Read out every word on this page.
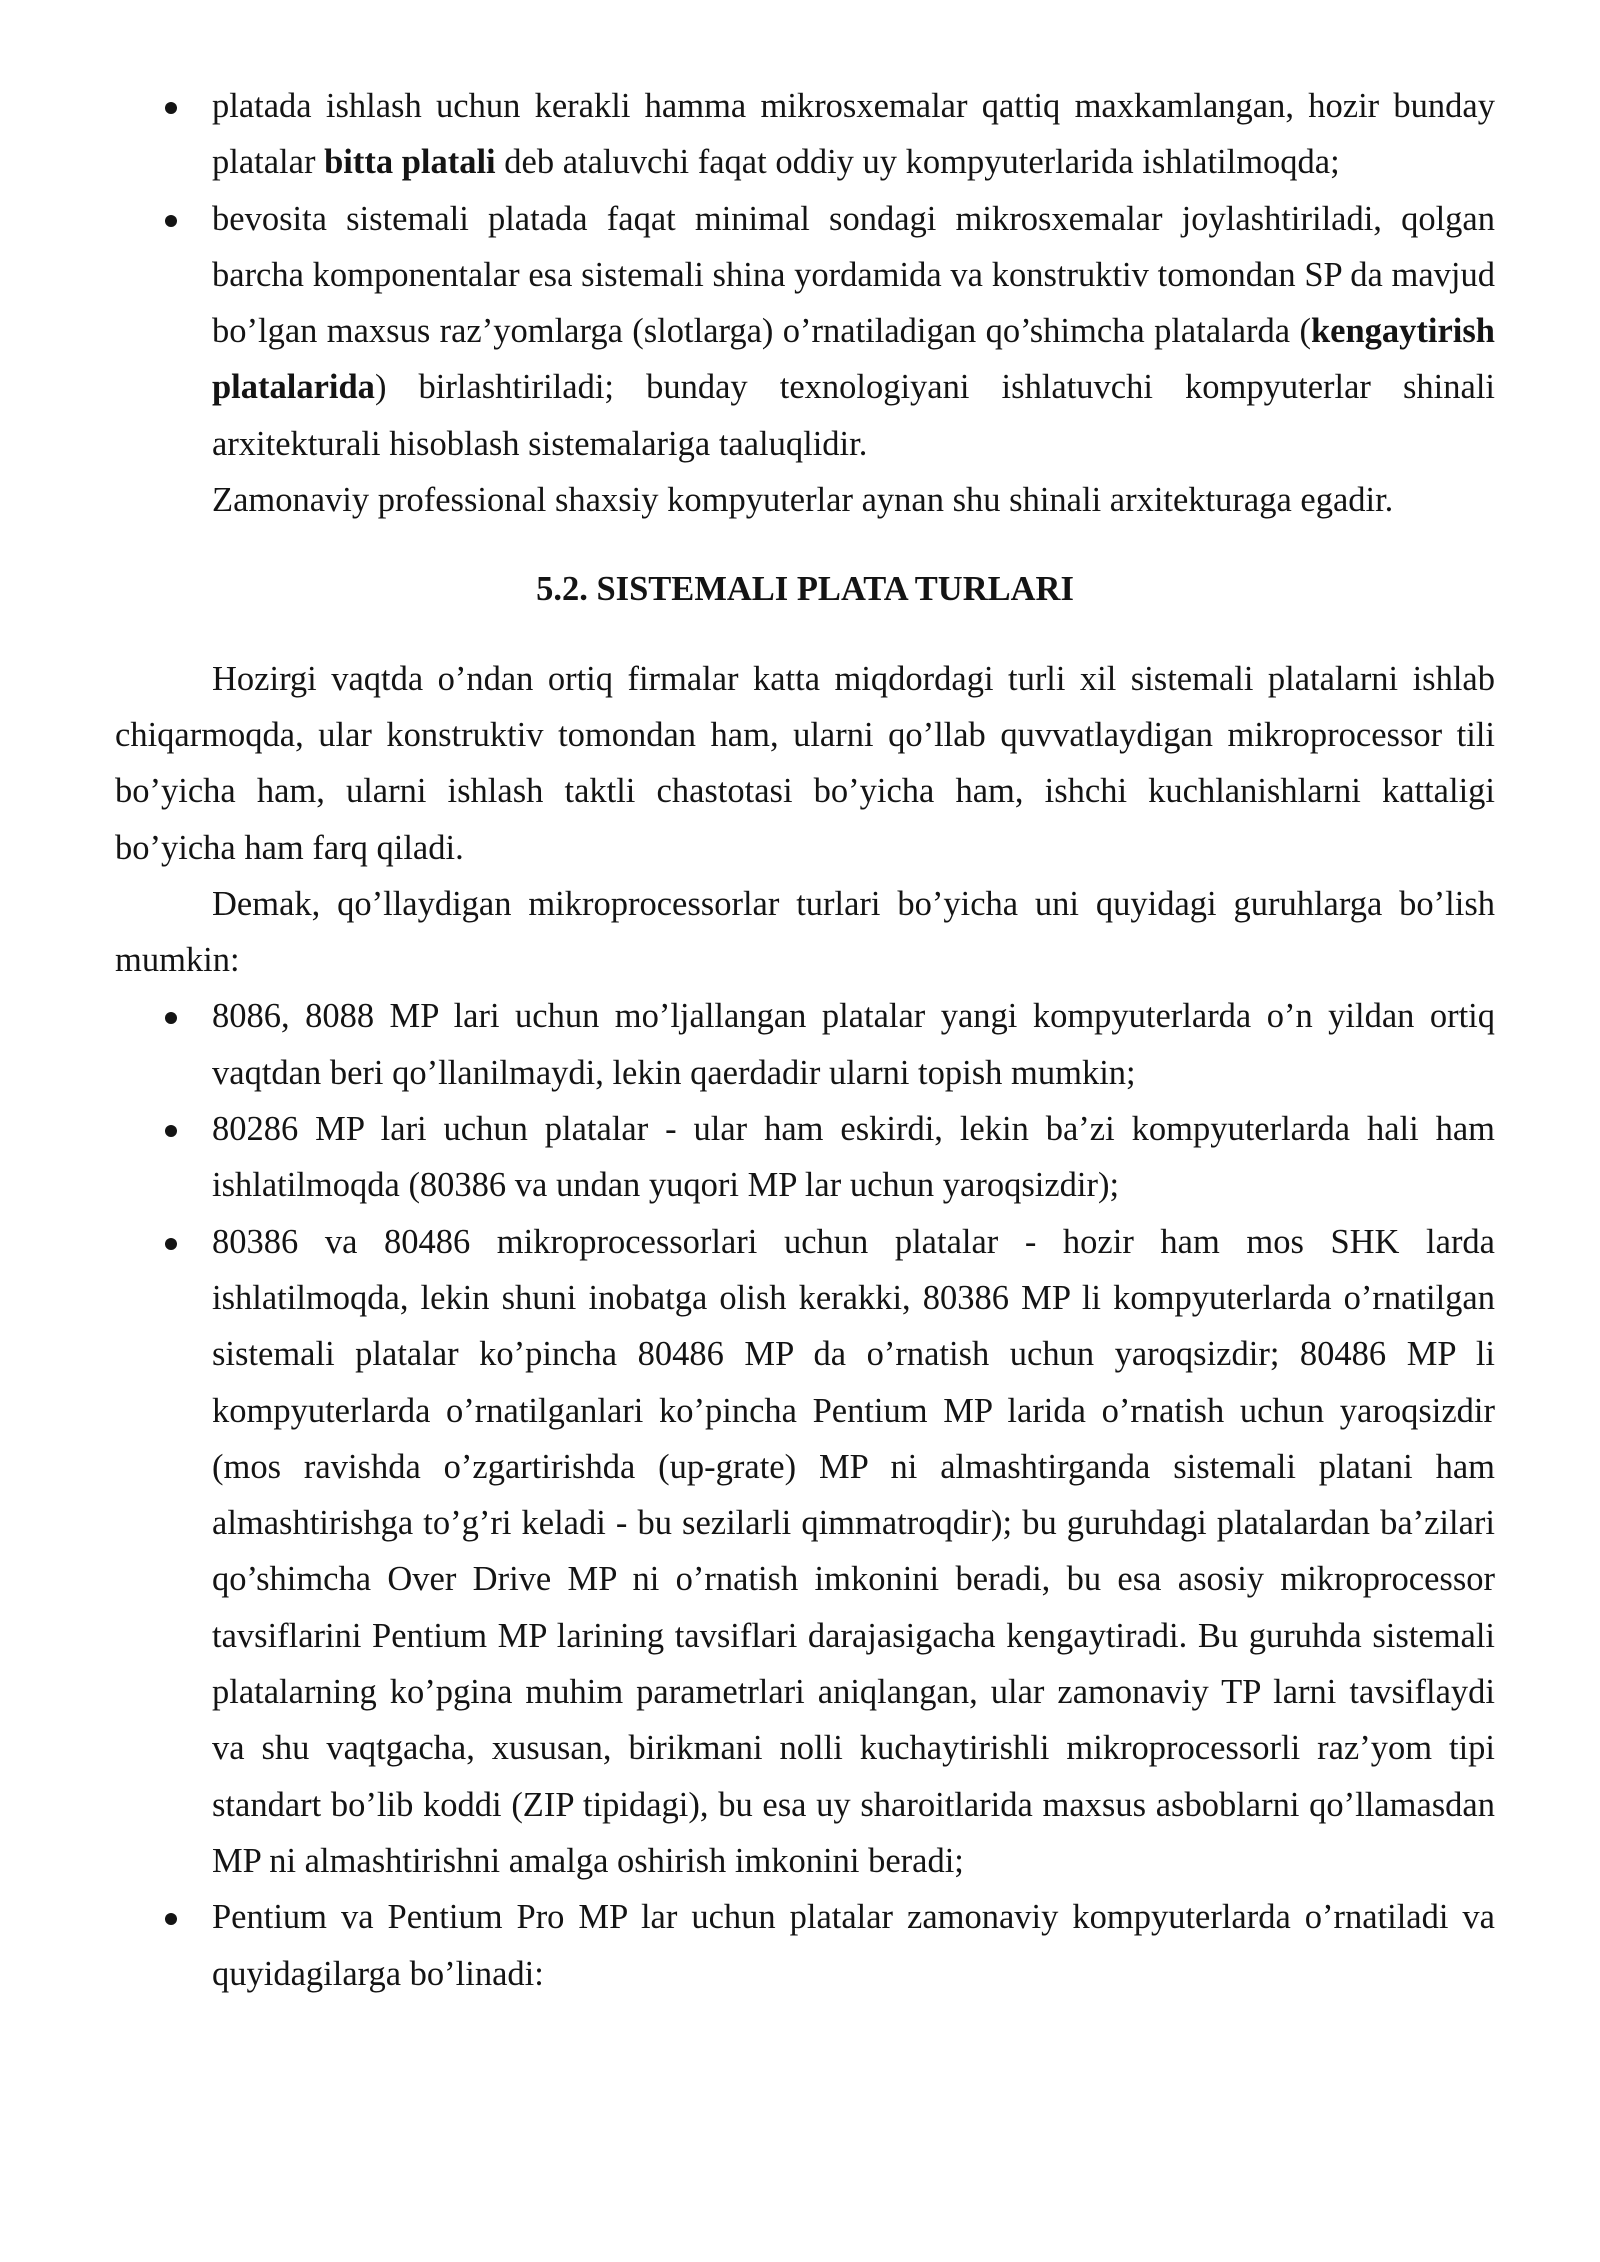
platada ishlash uchun kerakli hamma mikrosxemalar qattiq maxkamlangan, hozir bunday platalar bitta platali deb ataluvchi faqat oddiy uy kompyuterlarida ishlatilmoqda;

bevosita sistemali platada faqat minimal sondagi mikrosxemalar joylashtiriladi, qolgan barcha komponentalar esa sistemali shina yordamida va konstruktiv tomondan SP da mavjud bo’lgan maxsus raz’yomlarga (slotlarga) o’rnatiladigan qo’shimcha platalarda (kengaytirish platalarida) birlashtiriladi; bunday texnologiyani ishlatuvchi kompyuterlar shinali arxitekturali hisoblash sistemalariga taaluqlidir.

Zamonaviy professional shaxsiy kompyuterlar aynan shu shinali arxitekturaga egadir.

5.2. SISTEMALI PLATA TURLARI

Hozirgi vaqtda o’ndan ortiq firmalar katta miqdordagi turli xil sistemali platalarni ishlab chiqarmoqda, ular konstruktiv tomondan ham, ularni qo’llab quvvatlaydigan mikroprocessor tili bo’yicha ham, ularni ishlash taktli chastotasi bo’yicha ham, ishchi kuchlanishlarni kattaligi bo’yicha ham farq qiladi.

Demak, qo’llaydigan mikroprocessorlar turlari bo’yicha uni quyidagi guruhlarga bo’lish mumkin:

8086, 8088 MP lari uchun mo’ljallangan platalar yangi kompyuterlarda o’n yildan ortiq vaqtdan beri qo’llanilmaydi, lekin qaerdadir ularni topish mumkin;

80286 MP lari uchun platalar - ular ham eskirdi, lekin ba’zi kompyuterlarda hali ham ishlatilmoqda (80386 va undan yuqori MP lar uchun yaroqsizdir);

80386 va 80486 mikroprocessorlari uchun platalar - hozir ham mos SHK larda ishlatilmoqda, lekin shuni inobatga olish kerakki, 80386 MP li kompyuterlarda o’rnatilgan sistemali platalar ko’pincha 80486 MP da o’rnatish uchun yaroqsizdir; 80486 MP li kompyuterlarda o’rnatilganlari ko’pincha Pentium MP larida o’rnatish uchun yaroqsizdir (mos ravishda o’zgartirishda (up-grate) MP ni almashtirganda sistemali platani ham almashtirishga to’g’ri keladi - bu sezilarli qimmatroqdir); bu guruhdagi platalardan ba’zilari qo’shimcha Over Drive MP ni o’rnatish imkonini beradi, bu esa asosiy mikroprocessor tavsiflarini Pentium MP larining tavsiflari darajasigacha kengaytiradi. Bu guruhda sistemali platalarning ko’pgina muhim parametrlari aniqlangan, ular zamonaviy TP larni tavsiflaydi va shu vaqtgacha, xususan, birikmani nolli kuchaytirishli mikroprocessorli raz’yom tipi standart bo’lib koddi (ZIP tipidagi), bu esa uy sharoitlarida maxsus asboblarni qo’llamasdan MP ni almashtirishni amalga oshirish imkonini beradi;

Pentium va Pentium Pro MP lar uchun platalar zamonaviy kompyuterlarda o’rnatiladi va quyidagilarga bo’linadi:
